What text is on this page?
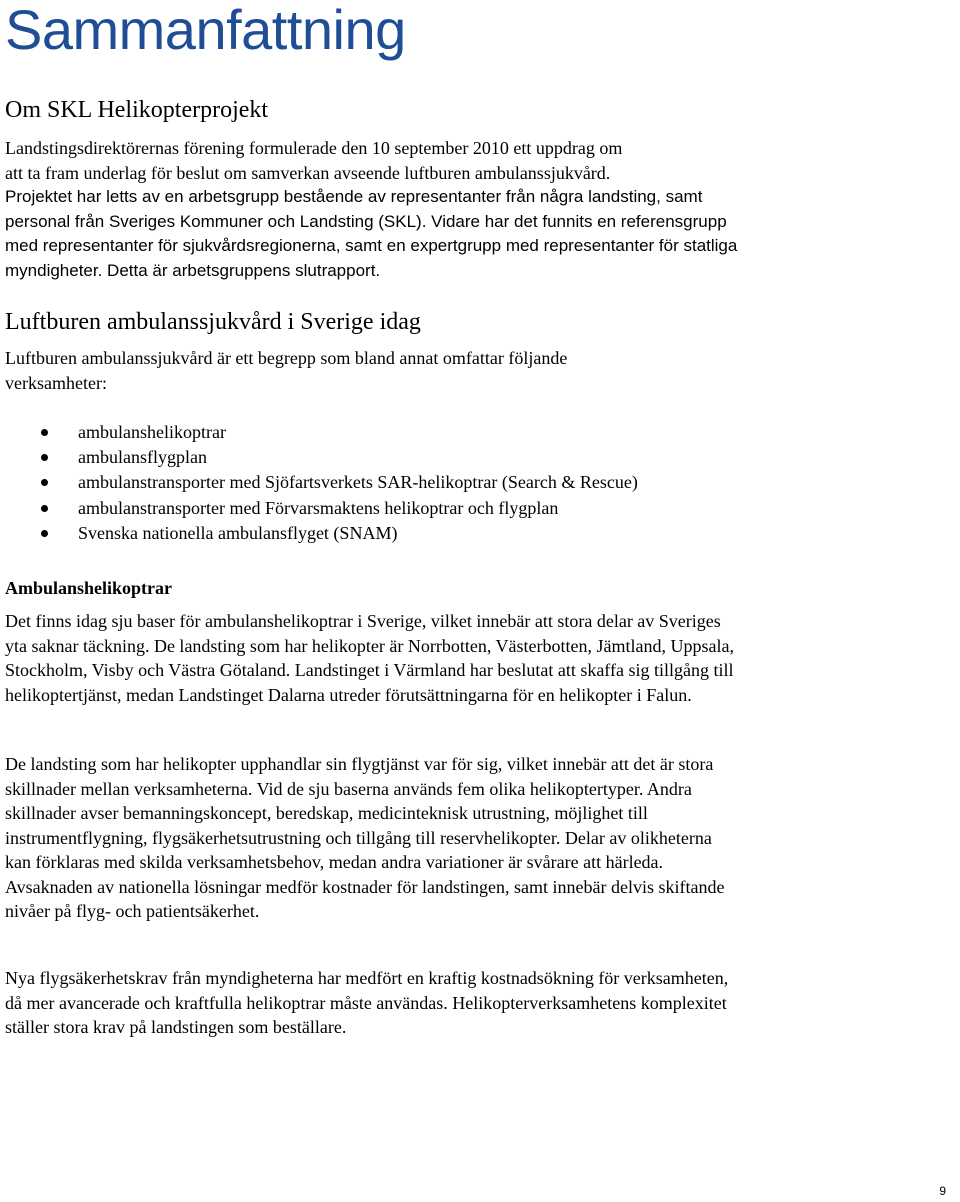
Sammanfattning
Om SKL Helikopterprojekt
Landstingsdirektörernas förening formulerade den 10 september 2010 ett uppdrag om
att ta fram underlag för beslut om samverkan avseende luftburen ambulanssjukvård.
Projektet har letts av en arbetsgrupp bestående av representanter från några landsting, samt personal från Sveriges Kommuner och Landsting (SKL). Vidare har det funnits en referensgrupp med representanter för sjukvårdsregionerna, samt en expertgrupp med representanter för statliga myndigheter. Detta är arbetsgruppens slutrapport.
Luftburen ambulanssjukvård i Sverige idag
Luftburen ambulanssjukvård är ett begrepp som bland annat omfattar följande verksamheter:
ambulanshelikoptrar
ambulansflygplan
ambulanstransporter med Sjöfartsverkets SAR-helikoptrar (Search & Rescue)
ambulanstransporter med Förvarsmaktens helikoptrar och flygplan
Svenska nationella ambulansflyget (SNAM)
Ambulanshelikoptrar
Det finns idag sju baser för ambulanshelikoptrar i Sverige, vilket innebär att stora delar av Sveriges yta saknar täckning. De landsting som har helikopter är Norrbotten, Västerbotten, Jämtland, Uppsala, Stockholm, Visby och Västra Götaland. Landstinget i Värmland har beslutat att skaffa sig tillgång till helikoptertjänst, medan Landstinget Dalarna utreder förutsättningarna för en helikopter i Falun.
De landsting som har helikopter upphandlar sin flygtjänst var för sig, vilket innebär att det är stora skillnader mellan verksamheterna. Vid de sju baserna används fem olika helikoptertyper. Andra skillnader avser bemanningskoncept, beredskap, medicinteknisk utrustning, möjlighet till instrumentflygning, flygsäkerhetsutrustning och tillgång till reservhelikopter. Delar av olikheterna kan förklaras med skilda verksamhetsbehov, medan andra variationer är svårare att härleda. Avsaknaden av nationella lösningar medför kostnader för landstingen, samt innebär delvis skiftande nivåer på flyg- och patientsäkerhet.
Nya flygsäkerhetskrav från myndigheterna har medfört en kraftig kostnadsökning för verksamheten, då mer avancerade och kraftfulla helikoptrar måste användas. Helikopterverksamhetens komplexitet ställer stora krav på landstingen som beställare.
9
